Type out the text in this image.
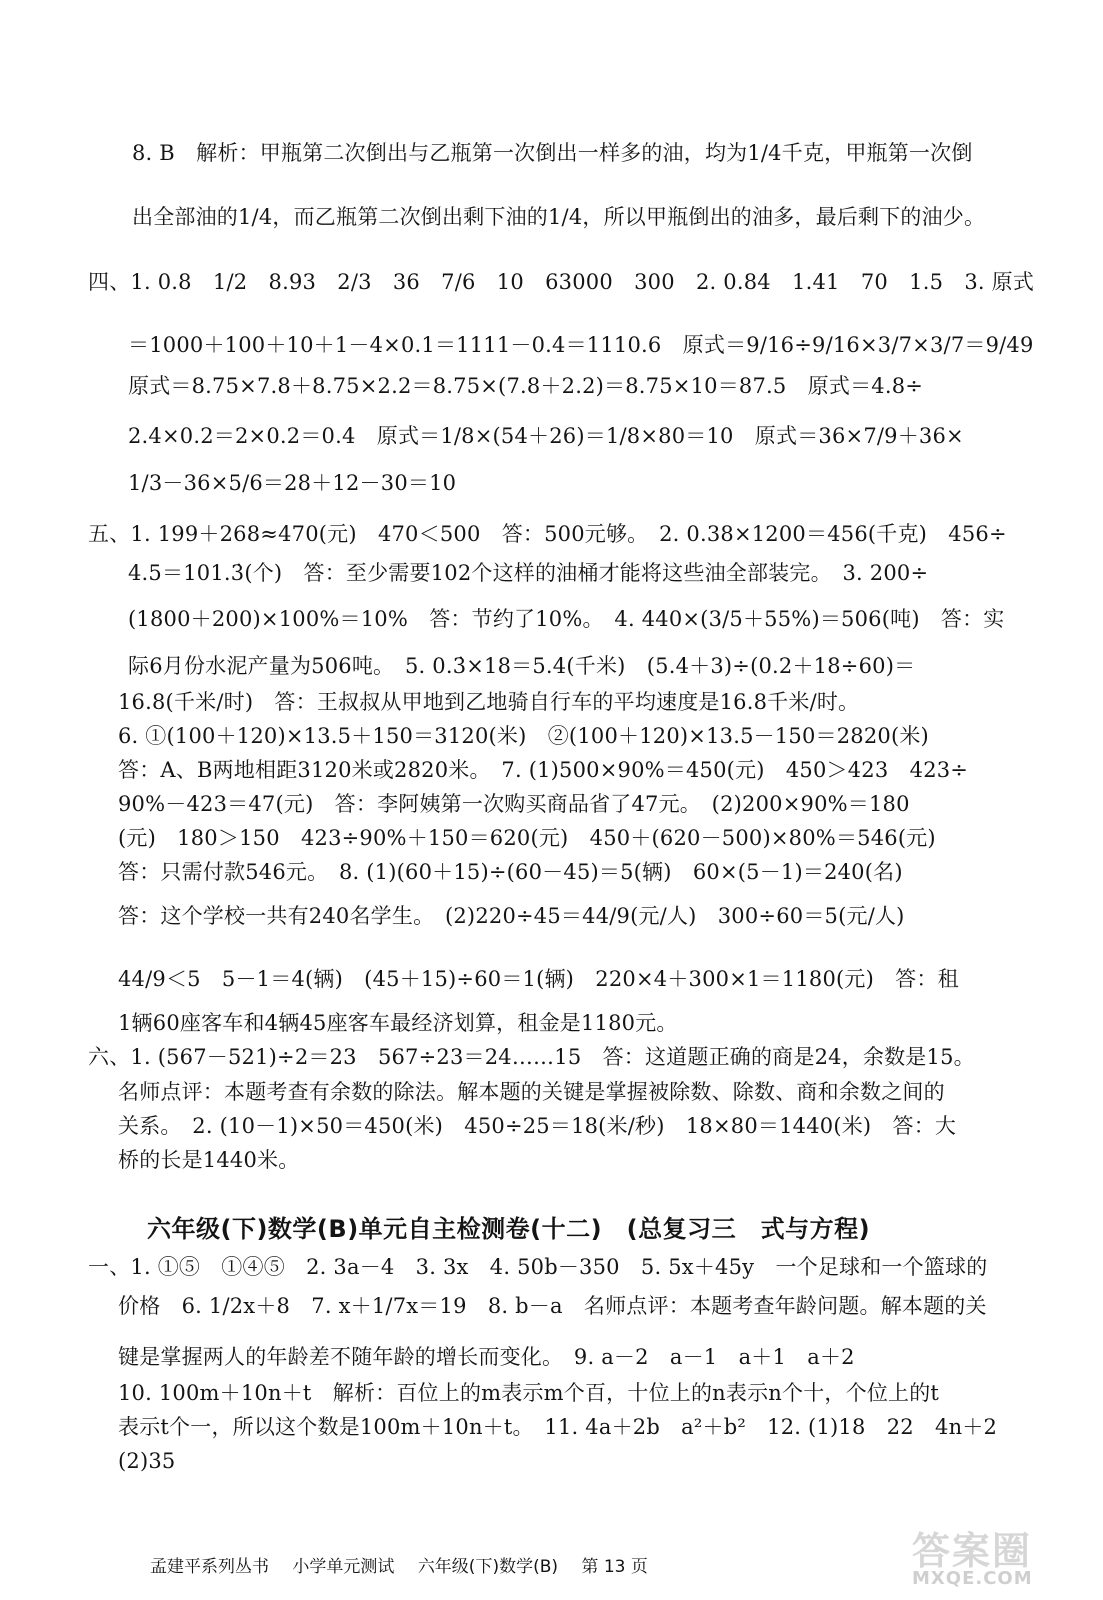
8. B　解析：甲瓶第二次倒出与乙瓶第一次倒出一样多的油，均为1/4千克，甲瓶第一次倒
出全部油的1/4，而乙瓶第二次倒出剩下油的1/4，所以甲瓶倒出的油多，最后剩下的油少。
四、1. 0.8　1/2　8.93　2/3　36　7/6　10　63000　300　2. 0.84　1.41　70　1.5　3. 原式
＝1000＋100＋10＋1－4×0.1＝1111－0.4＝1110.6　原式＝9/16÷9/16×3/7×3/7＝9/49
原式＝8.75×7.8＋8.75×2.2＝8.75×(7.8＋2.2)＝8.75×10＝87.5　原式＝4.8÷
2.4×0.2＝2×0.2＝0.4　原式＝1/8×(54＋26)＝1/8×80＝10　原式＝36×7/9＋36×
1/3－36×5/6＝28＋12－30＝10
五、1. 199＋268≈470(元)　470＜500　答：500元够。　2. 0.38×1200＝456(千克)　456÷
4.5＝101.3̇(个)　答：至少需要102个这样的油桶才能将这些油全部装完。　3. 200÷
(1800＋200)×100%＝10%　答：节约了10%。　4. 440×(3/5＋55%)＝506(吨)　答：实
际6月份水泥产量为506吨。　5. 0.3̇×18＝5.4(千米)　(5.4＋3)÷(0.2＋18÷60)＝
16.8(千米/时)　答：王叔叔从甲地到乙地骑自行车的平均速度是16.8千米/时。
6. ①(100＋120)×13.5＋150＝3120(米)　②(100＋120)×13.5－150＝2820(米)
答：A、B两地相距3120米或2820米。　7. (1)500×90%＝450(元)　450＞423　423÷
90%－423＝47(元)　答：李阿姨第一次购买商品省了47元。　(2)200×90%＝180
(元)　180＞150　423÷90%＋150＝620(元)　450＋(620－500)×80%＝546(元)
答：只需付款546元。　8. (1)(60＋15)÷(60－45)＝5(辆)　60×(5－1)＝240(名)
答：这个学校一共有240名学生。　(2)220÷45＝44/9(元/人)　300÷60＝5(元/人)
44/9＜5　5－1＝4(辆)　(45＋15)÷60＝1(辆)　220×4＋300×1＝1180(元)　答：租
1辆60座客车和4辆45座客车最经济划算，租金是1180元。
六、1. (567－521)÷2＝23　567÷23＝24……15　答：这道题正确的商是24，余数是15。
名师点评：本题考查有余数的除法。解本题的关键是掌握被除数、除数、商和余数之间的
关系。　2. (10－1)×50＝450(米)　450÷25＝18(米/秒)　18×80＝1440(米)　答：大
桥的长是1440米。
六年级(下)数学(B)单元自主检测卷(十二)　(总复习三　式与方程)
一、1. ①⑤　①④⑤　2. 3a－4　3. 3x　4. 50b－350　5. 5x＋45y　一个足球和一个篮球的
价格　6. 1/2x＋8　7. x＋1/7x＝19　8. b－a　名师点评：本题考查年龄问题。解本题的关
键是掌握两人的年龄差不随年龄的增长而变化。　9. a－2　a－1　a＋1　a＋2
10. 100m＋10n＋t　解析：百位上的m表示m个百，十位上的n表示n个十，个位上的t
表示t个一，所以这个数是100m＋10n＋t。　11. 4a＋2b　a²＋b²　12. (1)18　22　4n＋2
(2)35
孟建平系列丛书 小学单元测试 六年级(下)数学(B) 第 13 页	答案圈
MXQE.COM
